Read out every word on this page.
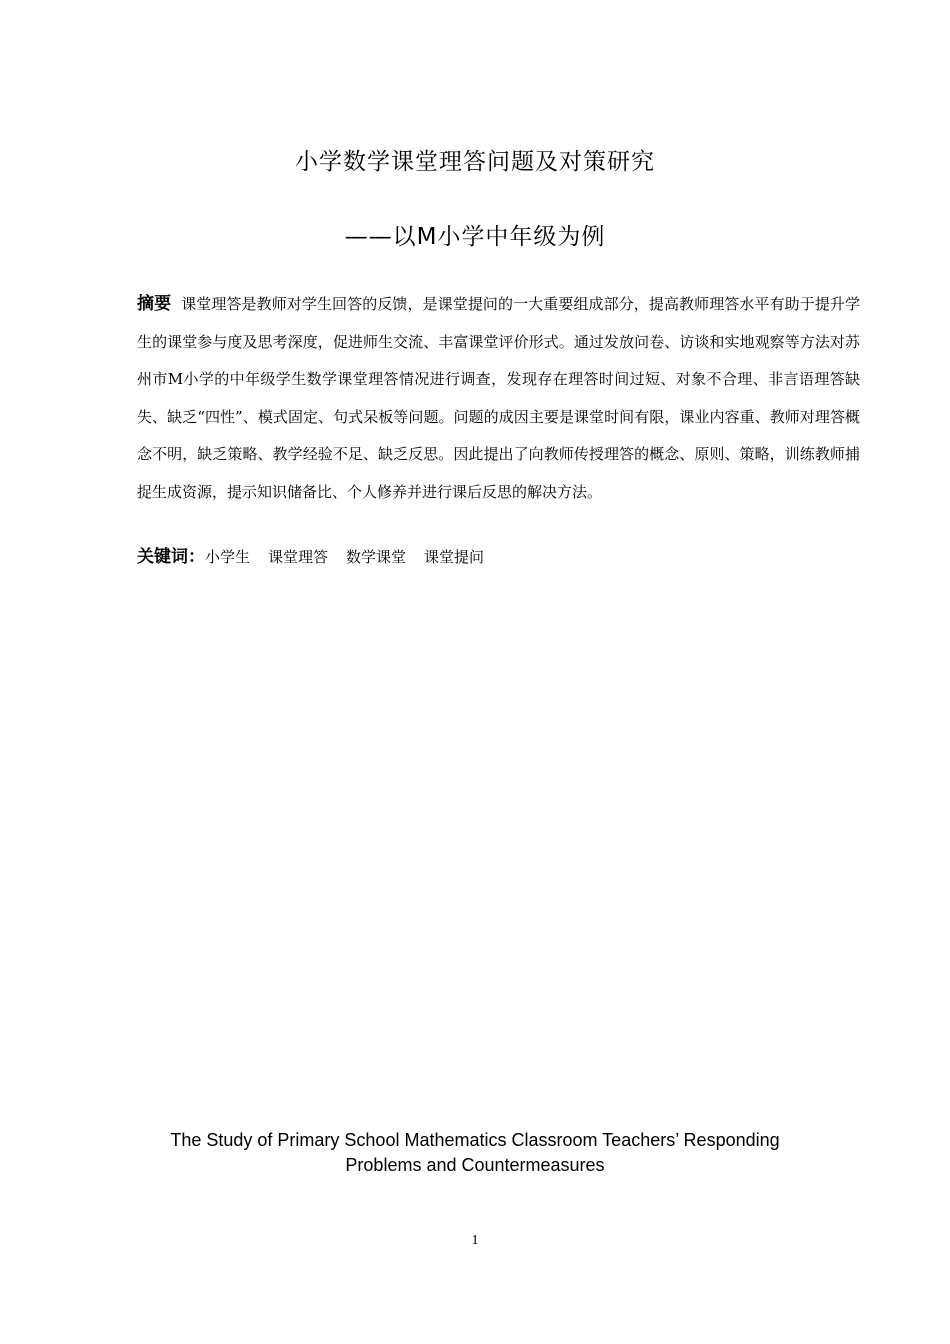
小学数学课堂理答问题及对策研究
——以M小学中年级为例
摘要 课堂理答是教师对学生回答的反馈，是课堂提问的一大重要组成部分，提高教师理答水平有助于提升学生的课堂参与度及思考深度，促进师生交流、丰富课堂评价形式。通过发放问卷、访谈和实地观察等方法对苏州市M小学的中年级学生数学课堂理答情况进行调查，发现存在理答时间过短、对象不合理、非言语理答缺失、缺乏“四性”、模式固定、句式呆板等问题。问题的成因主要是课堂时间有限，课业内容重、教师对理答概念不明，缺乏策略、教学经验不足、缺乏反思。因此提出了向教师传授理答的概念、原则、策略，训练教师捕捉生成资源，提示知识储备比、个人修养并进行课后反思的解决方法。
关键词：小学生 课堂理答 数学课堂 课堂提问
The Study of Primary School Mathematics Classroom Teachers’ Responding
Problems and Countermeasures
1
